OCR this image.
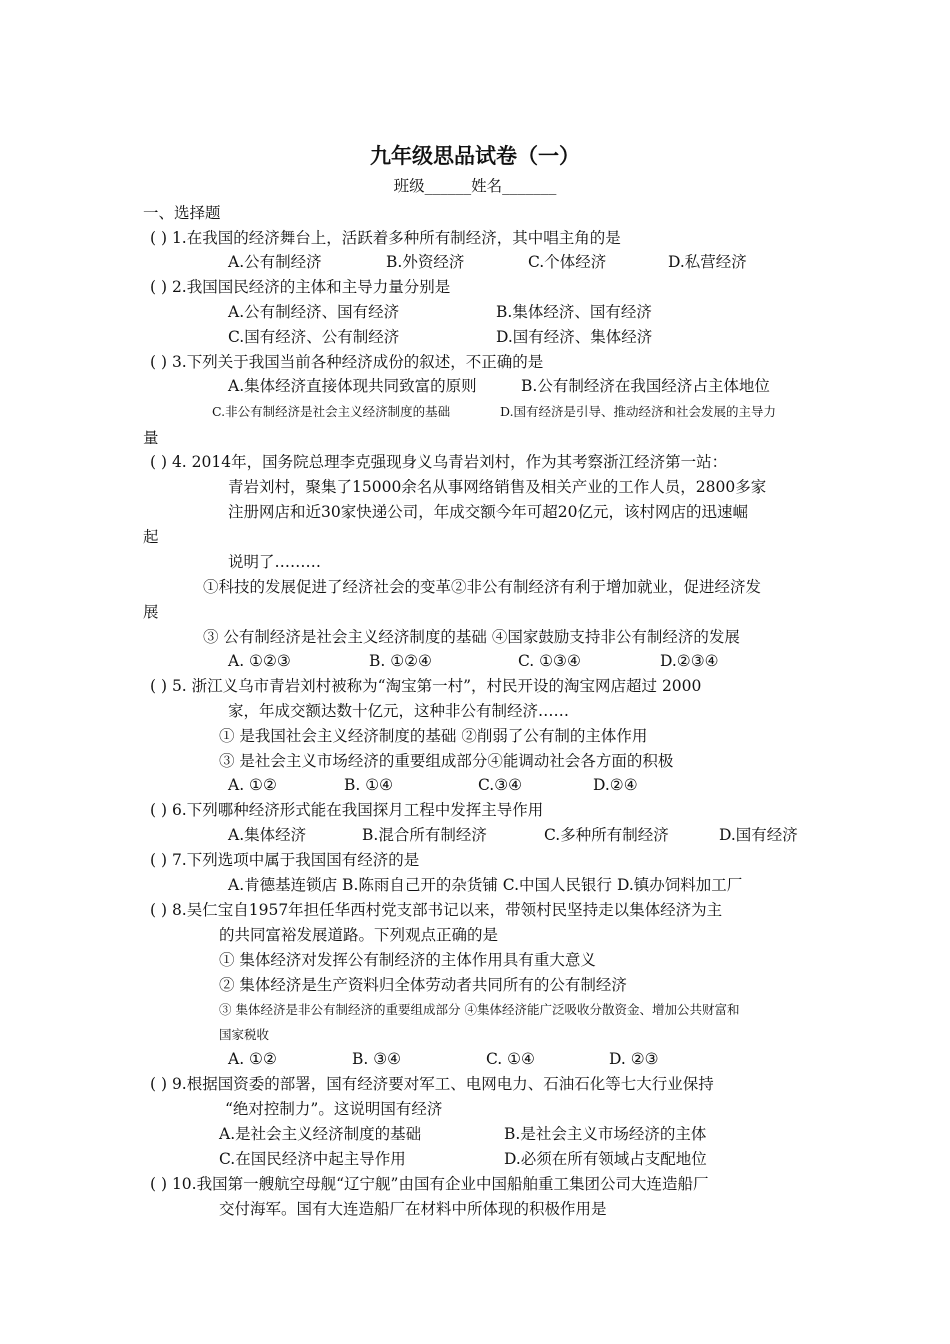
九年级思品试卷（一）
班级______姓名_______
一、选择题
( ) 1.在我国的经济舞台上，活跃着多种所有制经济，其中唱主角的是
A.公有制经济	B.外资经济	C.个体经济	D.私营经济
( ) 2.我国国民经济的主体和主导力量分别是
A.公有制经济、国有经济	B.集体经济、国有经济
C.国有经济、公有制经济	D.国有经济、集体经济
( ) 3.下列关于我国当前各种经济成份的叙述，不正确的是
A.集体经济直接体现共同致富的原则	B.公有制经济在我国经济占主体地位
C.非公有制经济是社会主义经济制度的基础	D.国有经济是引导、推动经济和社会发展的主导力
量
( ) 4. 2014年，国务院总理李克强现身义乌青岩刘村，作为其考察浙江经济第一站：
青岩刘村，聚集了15000余名从事网络销售及相关产业的工作人员，2800多家
注册网店和近30家快递公司，年成交额今年可超20亿元，该村网店的迅速崛
起
说明了………
①科技的发展促进了经济社会的变革②非公有制经济有利于增加就业，促进经济发
展
③ 公有制经济是社会主义经济制度的基础 ④国家鼓励支持非公有制经济的发展
A. ①②③	B. ①②④	C. ①③④	D.②③④
( ) 5. 浙江义乌市青岩刘村被称为“淘宝第一村”，村民开设的淘宝网店超过 2000
家，年成交额达数十亿元，这种非公有制经济……
① 是我国社会主义经济制度的基础 ②削弱了公有制的主体作用
③ 是社会主义市场经济的重要组成部分④能调动社会各方面的积极
A. ①②	B. ①④	C.③④	D.②④
( ) 6.下列哪种经济形式能在我国探月工程中发挥主导作用
A.集体经济	B.混合所有制经济	C.多种所有制经济	D.国有经济
( ) 7.下列选项中属于我国国有经济的是
A.肯德基连锁店 B.陈雨自己开的杂货铺 C.中国人民银行 D.镇办饲料加工厂
( ) 8.吴仁宝自1957年担任华西村党支部书记以来，带领村民坚持走以集体经济为主
的共同富裕发展道路。下列观点正确的是
① 集体经济对发挥公有制经济的主体作用具有重大意义
② 集体经济是生产资料归全体劳动者共同所有的公有制经济
③ 集体经济是非公有制经济的重要组成部分 ④集体经济能广泛吸收分散资金、增加公共财富和
国家税收
A. ①②	B. ③④	C. ①④	D. ②③
( ) 9.根据国资委的部署，国有经济要对军工、电网电力、石油石化等七大行业保持
“绝对控制力”。这说明国有经济
A.是社会主义经济制度的基础	B.是社会主义市场经济的主体
C.在国民经济中起主导作用	D.必须在所有领域占支配地位
( ) 10.我国第一艘航空母舰“辽宁舰”由国有企业中国船舶重工集团公司大连造船厂
交付海军。国有大连造船厂在材料中所体现的积极作用是
